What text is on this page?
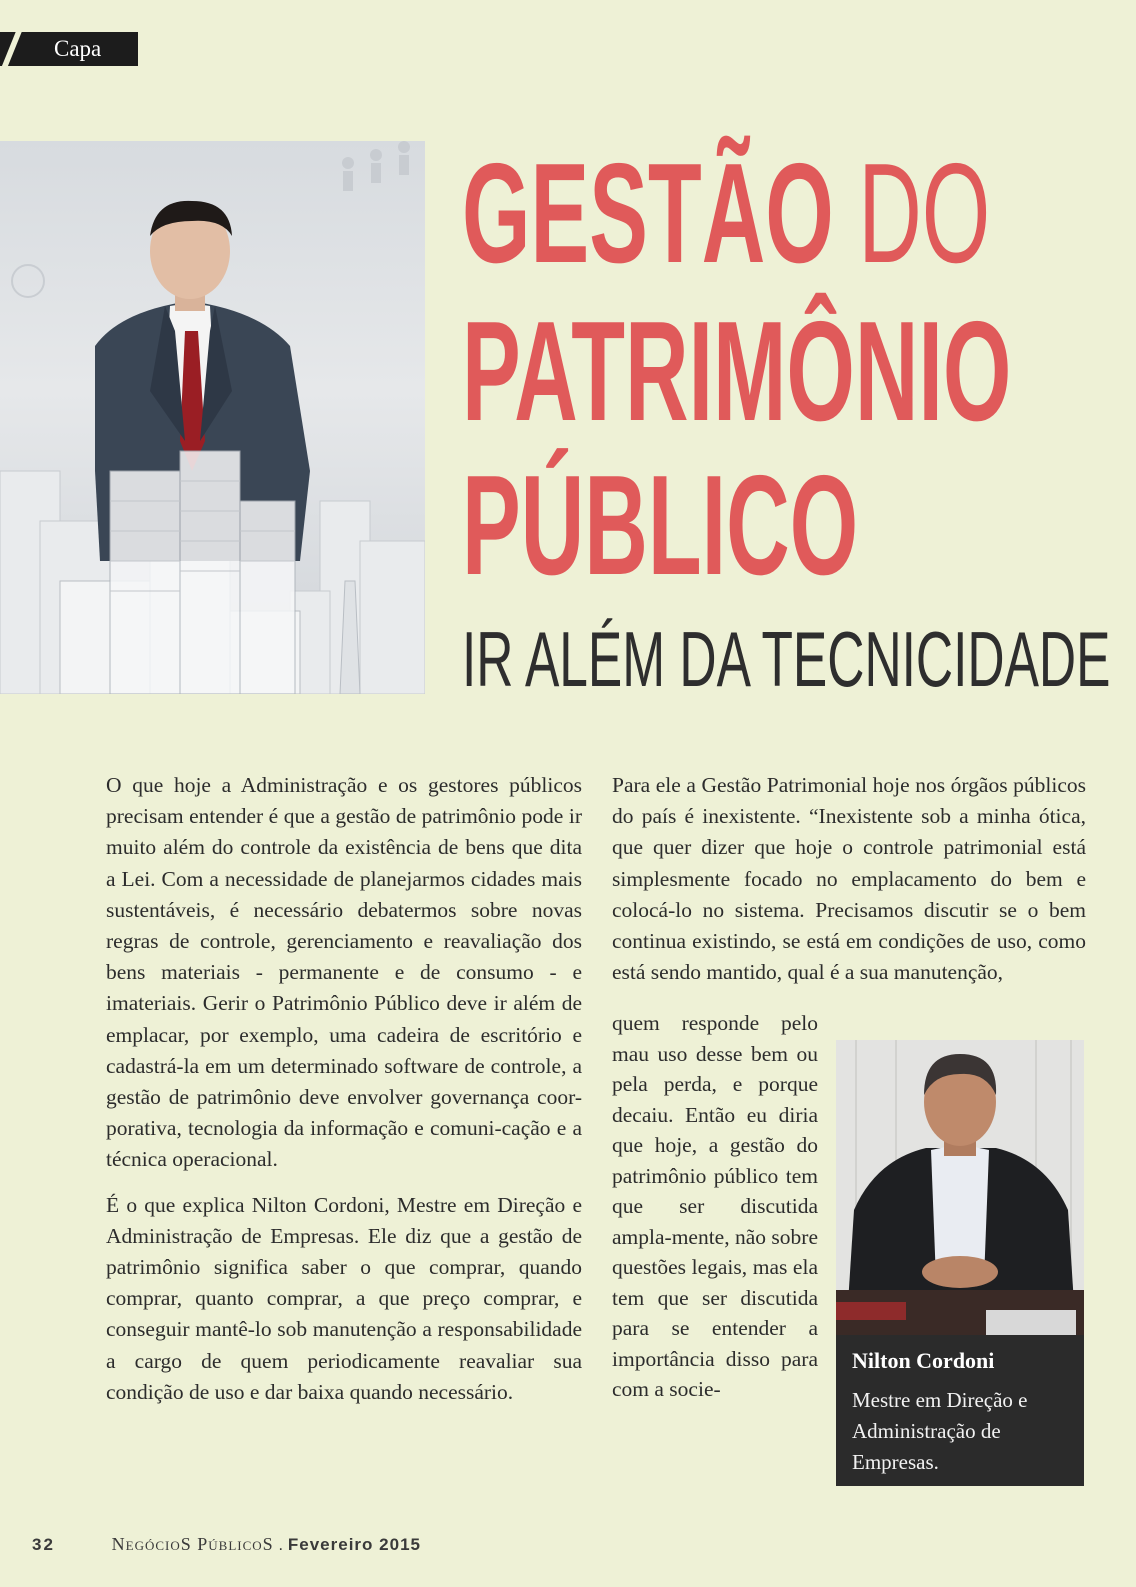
Capa
GESTÃO DO
PATRIMÔNIO
PÚBLICO
IR ALÉM DA TECNICIDADE

O que hoje a Administração e os gestores públicos precisam entender é que a gestão de patrimônio pode ir muito além do controle da existência de bens que dita a Lei. Com a necessidade de planejarmos cidades mais sustentáveis, é necessário debatermos sobre novas regras de controle, gerenciamento e reavaliação dos bens materiais - permanente e de consumo - e imateriais. Gerir o Patrimônio Público deve ir além de emplacar, por exemplo, uma cadeira de escritório e cadastrá-la em um determinado software de controle, a gestão de patrimônio deve envolver governança coor-porativa, tecnologia da informação e comuni-cação e a técnica operacional.

É o que explica Nilton Cordoni, Mestre em Direção e Administração de Empresas. Ele diz que a gestão de patrimônio significa saber o que comprar, quando comprar, quanto comprar, a que preço comprar, e conseguir mantê-lo sob manutenção a responsabilidade a cargo de quem periodicamente reavaliar sua condição de uso e dar baixa quando necessário.

Para ele a Gestão Patrimonial hoje nos órgãos públicos do país é inexistente. “Inexistente sob a minha ótica, que quer dizer que hoje o controle patrimonial está simplesmente focado no emplacamento do bem e colocá-lo no sistema. Precisamos discutir se o bem continua existindo, se está em condições de uso, como está sendo mantido, qual é a sua manutenção,

quem responde pelo mau uso desse bem ou pela perda, e porque decaiu. Então eu diria que hoje, a gestão do patrimônio público tem que ser discutida ampla-mente, não sobre questões legais, mas ela tem que ser discutida para se entender a importância disso para com a socie-

Nilton Cordoni
Mestre em Direção e Administração de Empresas.
32	NegócioS PúblicoS . Fevereiro 2015
